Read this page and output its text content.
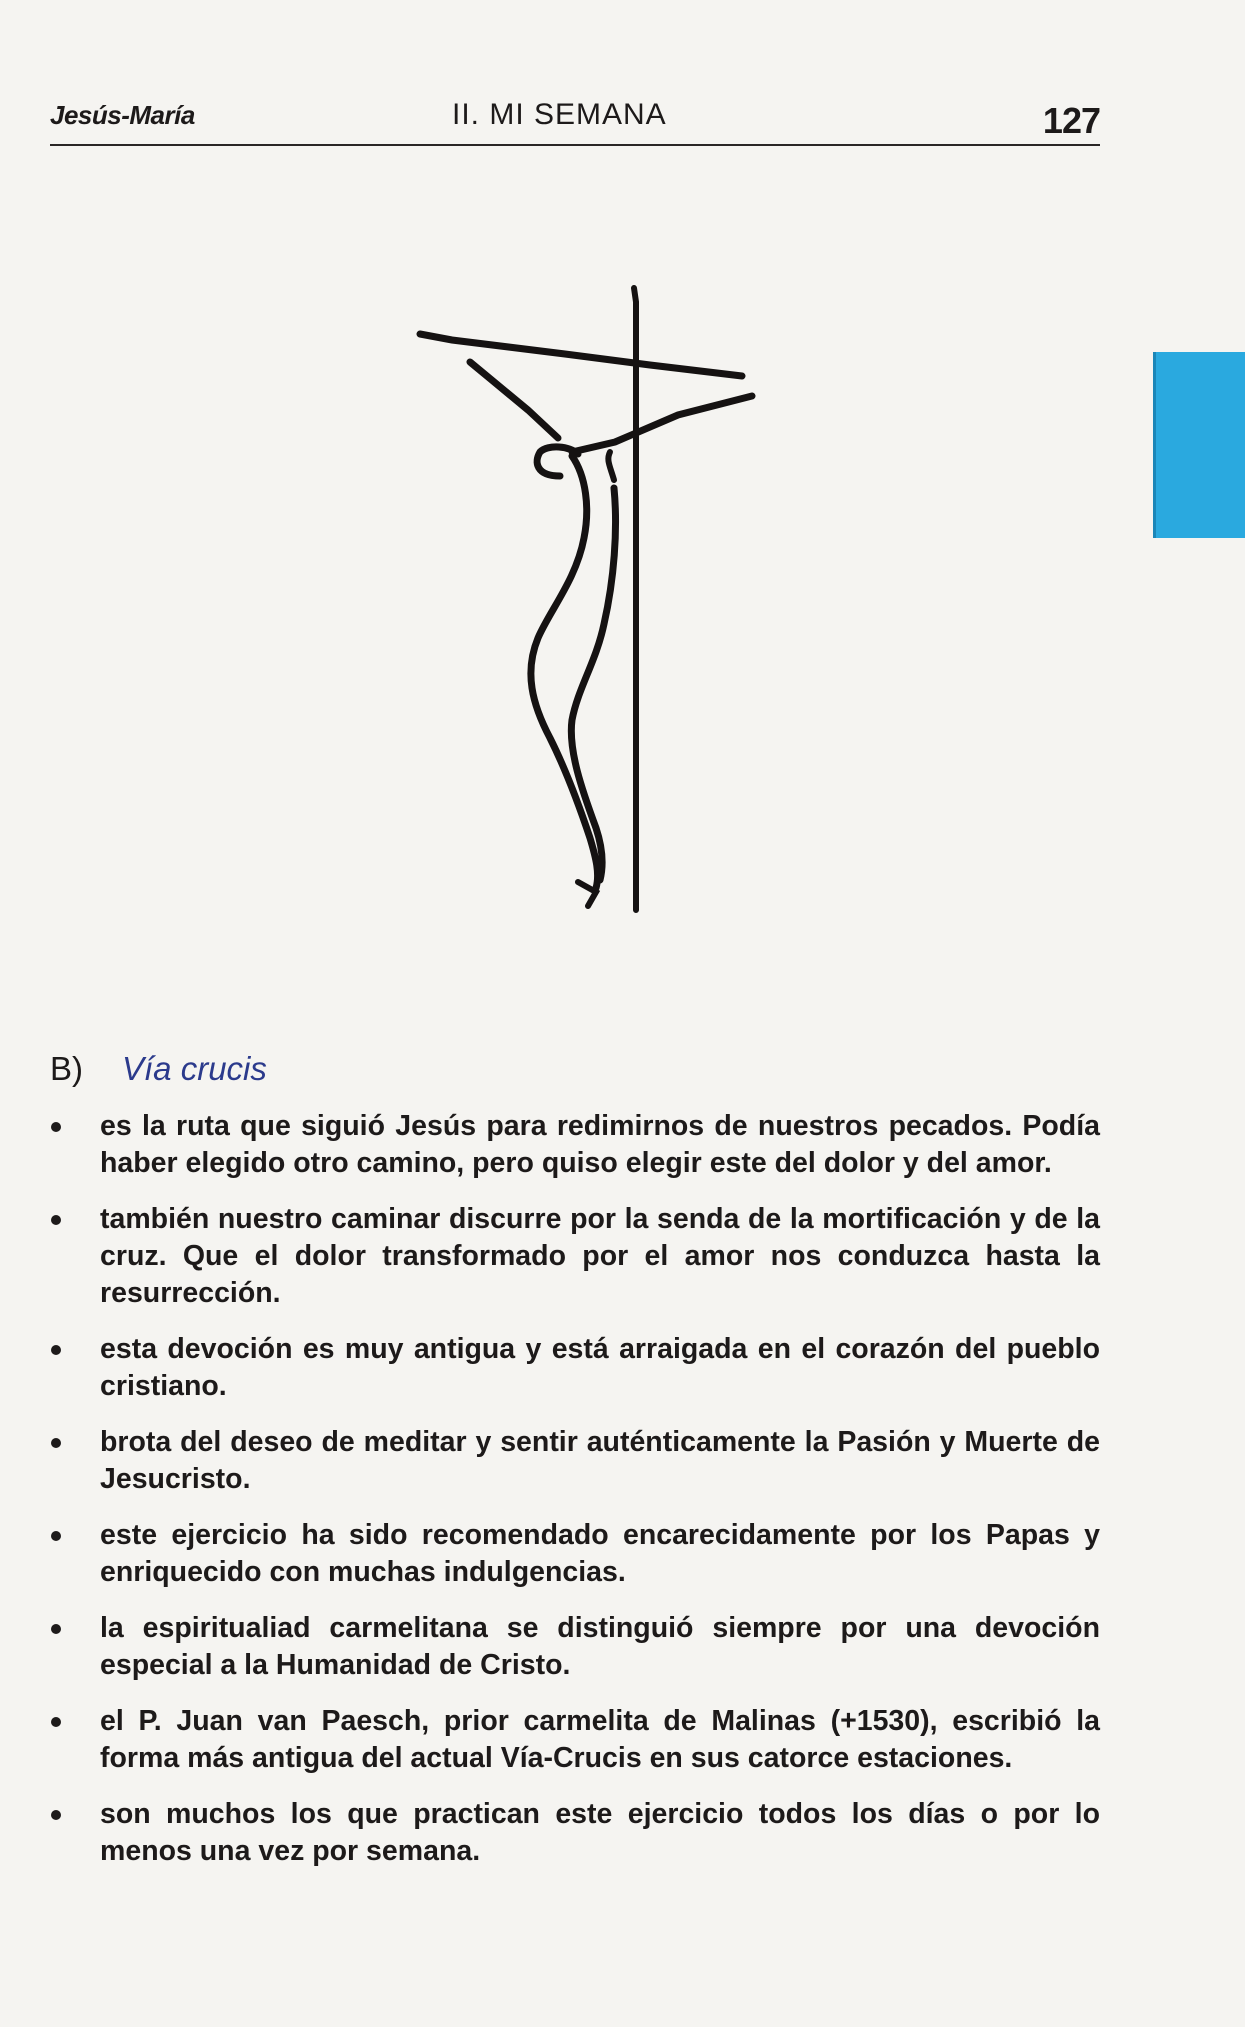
Jesús-María	II. MI SEMANA	127
B) Vía crucis
es la ruta que siguió Jesús para redimirnos de nuestros pecados. Podía haber elegido otro camino, pero quiso elegir este del dolor y del amor.
también nuestro caminar discurre por la senda de la mortificación y de la cruz. Que el dolor transformado por el amor nos conduzca hasta la resurrección.
esta devoción es muy antigua y está arraigada en el corazón del pueblo cristiano.
brota del deseo de meditar y sentir auténticamente la Pasión y Muerte de Jesucristo.
este ejercicio ha sido recomendado encarecidamente por los Papas y enriquecido con muchas indulgencias.
la espiritualiad carmelitana se distinguió siempre por una devoción especial a la Humanidad de Cristo.
el P. Juan van Paesch, prior carmelita de Malinas (+1530), escribió la forma más antigua del actual Vía-Crucis en sus catorce estaciones.
son muchos los que practican este ejercicio todos los días o por lo menos una vez por semana.
